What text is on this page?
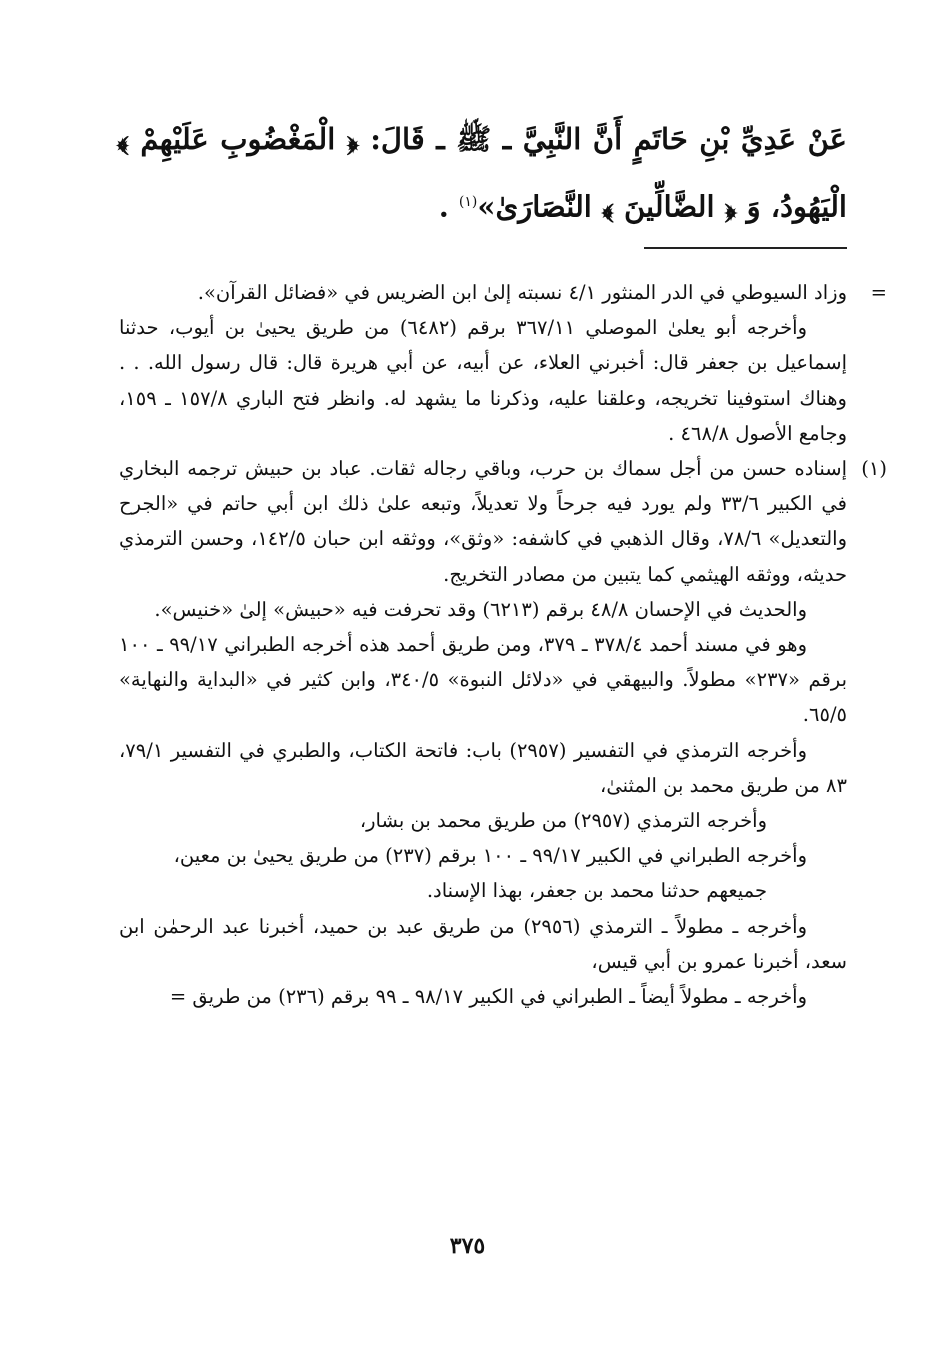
عَنْ عَدِيِّ بْنِ حَاتَمٍ أَنَّ النَّبِيَّ ـ ﷺ ـ قَالَ: ﴿ الْمَغْضُوبِ عَلَيْهِمْ ﴾ الْيَهُودُ، وَ ﴿ الضَّالِّينَ ﴾ النَّصَارَىٰ»$^{(١)}$ .

=
وزاد السيوطي في الدر المنثور ٤/١ نسبته إلىٰ ابن الضريس في «فضائل القرآن».

وأخرجه أبو يعلىٰ الموصلي ٣٦٧/١١ برقم (٦٤٨٢) من طريق يحيىٰ بن أيوب، حدثنا إسماعيل بن جعفر قال: أخبرني العلاء، عن أبيه، عن أبي هريرة قال: قال رسول الله. . . وهناك استوفينا تخريجه، وعلقنا عليه، وذكرنا ما يشهد له. وانظر فتح الباري ١٥٧/٨ ـ ١٥٩، وجامع الأصول ٤٦٨/٨ .

(١)
إسناده حسن من أجل سماك بن حرب، وباقي رجاله ثقات. عباد بن حبيش ترجمه البخاري في الكبير ٣٣/٦ ولم يورد فيه جرحاً ولا تعديلاً، وتبعه علىٰ ذلك ابن أبي حاتم في «الجرح والتعديل» ٧٨/٦، وقال الذهبي في كاشفه: «وثق»، ووثقه ابن حبان ١٤٢/٥، وحسن الترمذي حديثه، ووثقه الهيثمي كما يتبين من مصادر التخريج.

والحديث في الإحسان ٤٨/٨ برقم (٦٢١٣) وقد تحرفت فيه «حبيش» إلىٰ «خنيس».

وهو في مسند أحمد ٣٧٨/٤ ـ ٣٧٩، ومن طريق أحمد هذه أخرجه الطبراني ٩٩/١٧ ـ ١٠٠ برقم «٢٣٧» مطولاً. والبيهقي في «دلائل النبوة» ٣٤٠/٥، وابن كثير في «البداية والنهاية» ٦٥/٥.

وأخرجه الترمذي في التفسير (٢٩٥٧) باب: فاتحة الكتاب، والطبري في التفسير ٧٩/١، ٨٣ من طريق محمد بن المثنىٰ،

وأخرجه الترمذي (٢٩٥٧) من طريق محمد بن بشار،

وأخرجه الطبراني في الكبير ٩٩/١٧ ـ ١٠٠ برقم (٢٣٧) من طريق يحيىٰ بن معين،

جميعهم حدثنا محمد بن جعفر، بهذا الإسناد.

وأخرجه ـ مطولاً ـ الترمذي (٢٩٥٦) من طريق عبد بن حميد، أخبرنا عبد الرحمٰن ابن سعد، أخبرنا عمرو بن أبي قيس،

وأخرجه ـ مطولاً أيضاً ـ الطبراني في الكبير ٩٨/١٧ ـ ٩٩ برقم (٢٣٦) من طريق =

٣٧٥
